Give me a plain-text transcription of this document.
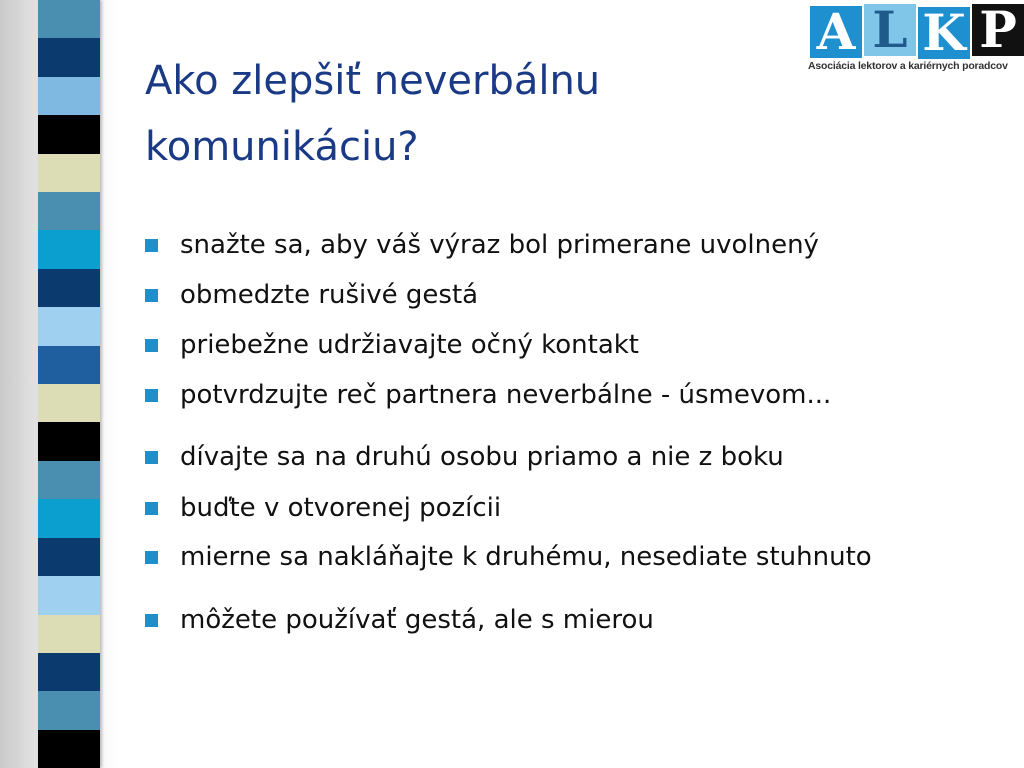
Ako zlepšiť neverbálnu
komunikáciu?
A L K P
Asociácia lektorov a kariérnych poradcov
snažte sa, aby váš výraz bol primerane uvolnený
obmedzte rušivé gestá
priebežne udržiavajte očný kontakt
potvrdzujte reč partnera neverbálne - úsmevom...
dívajte sa na druhú osobu priamo a nie z boku
buďte v otvorenej pozícii
mierne sa nakláňajte k druhému, nesediate stuhnuto
môžete používať gestá, ale s mierou
